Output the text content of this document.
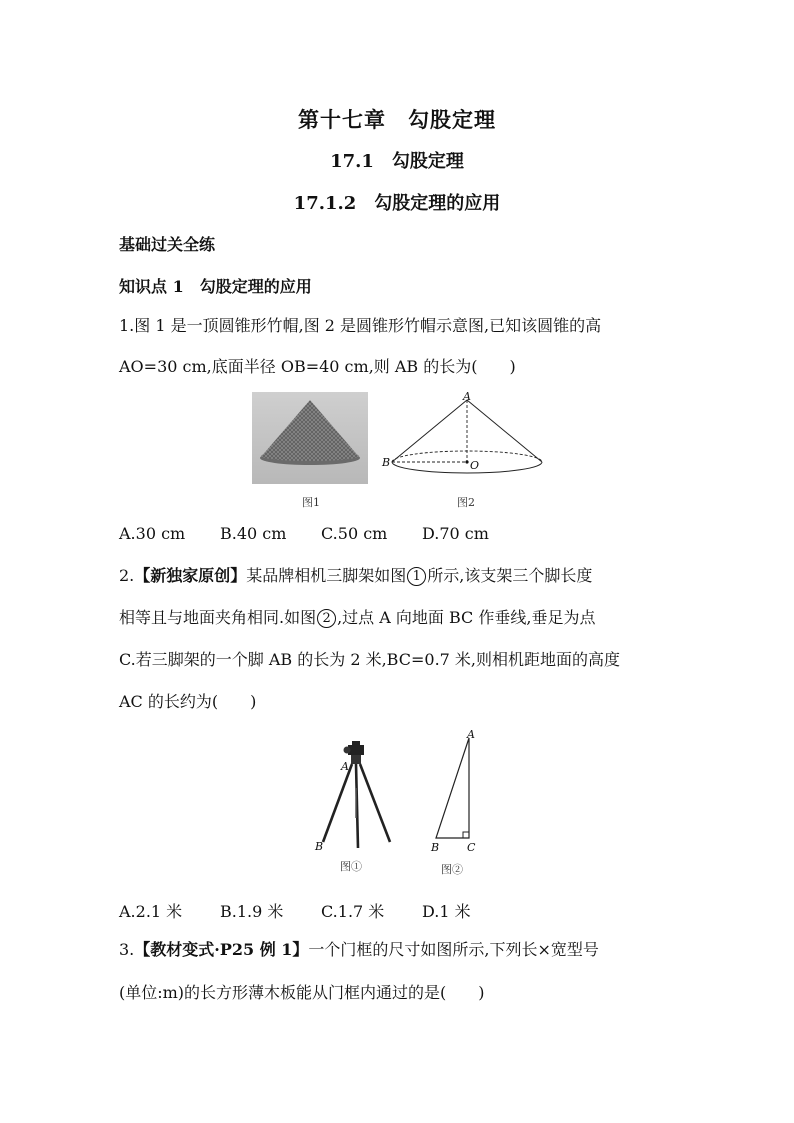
第十七章　勾股定理
17.1　勾股定理
17.1.2　勾股定理的应用
基础过关全练
知识点 1　勾股定理的应用
1.图 1 是一顶圆锥形竹帽,图 2 是圆锥形竹帽示意图,已知该圆锥的高
AO=30 cm,底面半径 OB=40 cm,则 AB 的长为(　　)
图1
A
B	O
图2
A.30 cm B.40 cm C.50 cm D.70 cm
2.【新独家原创】某品牌相机三脚架如图 1 所示,该支架三个脚长度
相等且与地面夹角相同.如图 2 ,过点 A 向地面 BC 作垂线,垂足为点
C.若三脚架的一个脚 AB 的长为 2 米,BC=0.7 米,则相机距地面的高度
AC 的长约为(　　)
A
B
图①
A
B	C
图②
A.2.1 米 B.1.9 米 C.1.7 米 D.1 米
3.【教材变式·P25 例 1】一个门框的尺寸如图所示,下列长×宽型号
(单位:m)的长方形薄木板能从门框内通过的是(　　)
